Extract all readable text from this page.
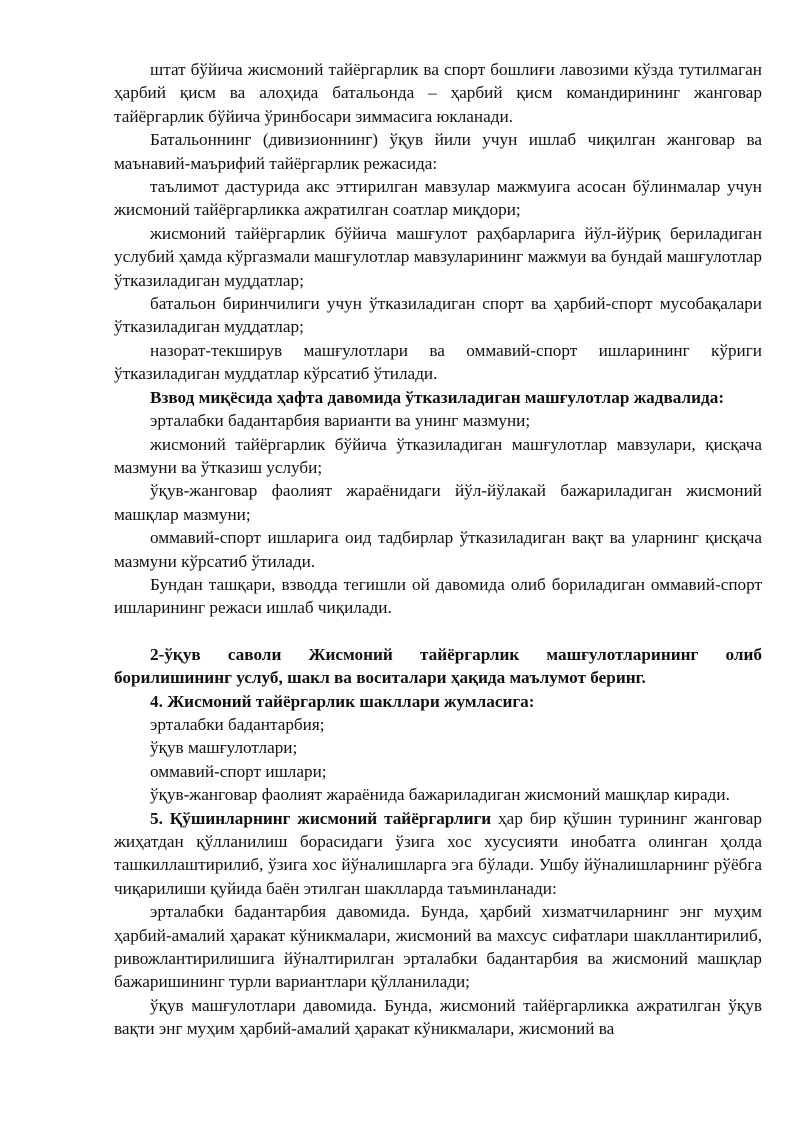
штат бўйича жисмоний тайёргарлик ва спорт бошлиғи лавозими кўзда тутилмаган ҳарбий қисм ва алоҳида батальонда – ҳарбий қисм командирининг жанговар тайёргарлик бўйича ўринбосари зиммасига юкланади.

Батальоннинг (дивизионнинг) ўқув йили учун ишлаб чиқилган жанговар ва маънавий-маърифий тайёргарлик режасида:

таълимот дастурида акс эттирилган мавзулар мажмуига асосан бўлинмалар учун жисмоний тайёргарликка ажратилган соатлар миқдори;

жисмоний тайёргарлик бўйича машғулот раҳбарларига йўл-йўриқ бериладиган услубий ҳамда кўргазмали машғулотлар мавзуларининг мажмуи ва бундай машғулотлар ўтказиладиган муддатлар;

батальон биринчилиги учун ўтказиладиган спорт ва ҳарбий-спорт мусобақалари ўтказиладиган муддатлар;

назорат-текширув машғулотлари ва оммавий-спорт ишларининг кўриги ўтказиладиган муддатлар кўрсатиб ўтилади.

Взвод миқёсида ҳафта давомида ўтказиладиган машғулотлар жадвалида:

эрталабки бадантарбия варианти ва унинг мазмуни;

жисмоний тайёргарлик бўйича ўтказиладиган машғулотлар мавзулари, қисқача мазмуни ва ўтказиш услуби;

ўқув-жанговар фаолият жараёнидаги йўл-йўлакай бажариладиган жисмоний машқлар мазмуни;

оммавий-спорт ишларига оид тадбирлар ўтказиладиган вақт ва уларнинг қисқача мазмуни кўрсатиб ўтилади.

Бундан ташқари, взводда тегишли ой давомида олиб бориладиган оммавий-спорт ишларининг режаси ишлаб чиқилади.

2-ўқув саволи Жисмоний тайёргарлик машғулотларининг олиб борилишининг услуб, шакл ва воситалари ҳақида маълумот беринг.

4. Жисмоний тайёргарлик шакллари жумласига:

эрталабки бадантарбия;

ўқув машғулотлари;

оммавий-спорт ишлари;

ўқув-жанговар фаолият жараёнида бажариладиган жисмоний машқлар киради.

5. Қўшинларнинг жисмоний тайёргарлиги ҳар бир қўшин турининг жанговар жиҳатдан қўлланилиш борасидаги ўзига хос хусусияти инобатга олинган ҳолда ташкиллаштирилиб, ўзига хос йўналишларга эга бўлади. Ушбу йўналишларнинг рўёбга чиқарилиши қуйида баён этилган шаклларда таъминланади:

эрталабки бадантарбия давомида. Бунда, ҳарбий хизматчиларнинг энг муҳим ҳарбий-амалий ҳаракат кўникмалари, жисмоний ва махсус сифатлари шакллантирилиб, ривожлантирилишига йўналтирилган эрталабки бадантарбия ва жисмоний машқлар бажаришининг турли вариантлари қўлланилади;

ўқув машғулотлари давомида. Бунда, жисмоний тайёргарликка ажратилган ўқув вақти энг муҳим ҳарбий-амалий ҳаракат кўникмалари, жисмоний ва
